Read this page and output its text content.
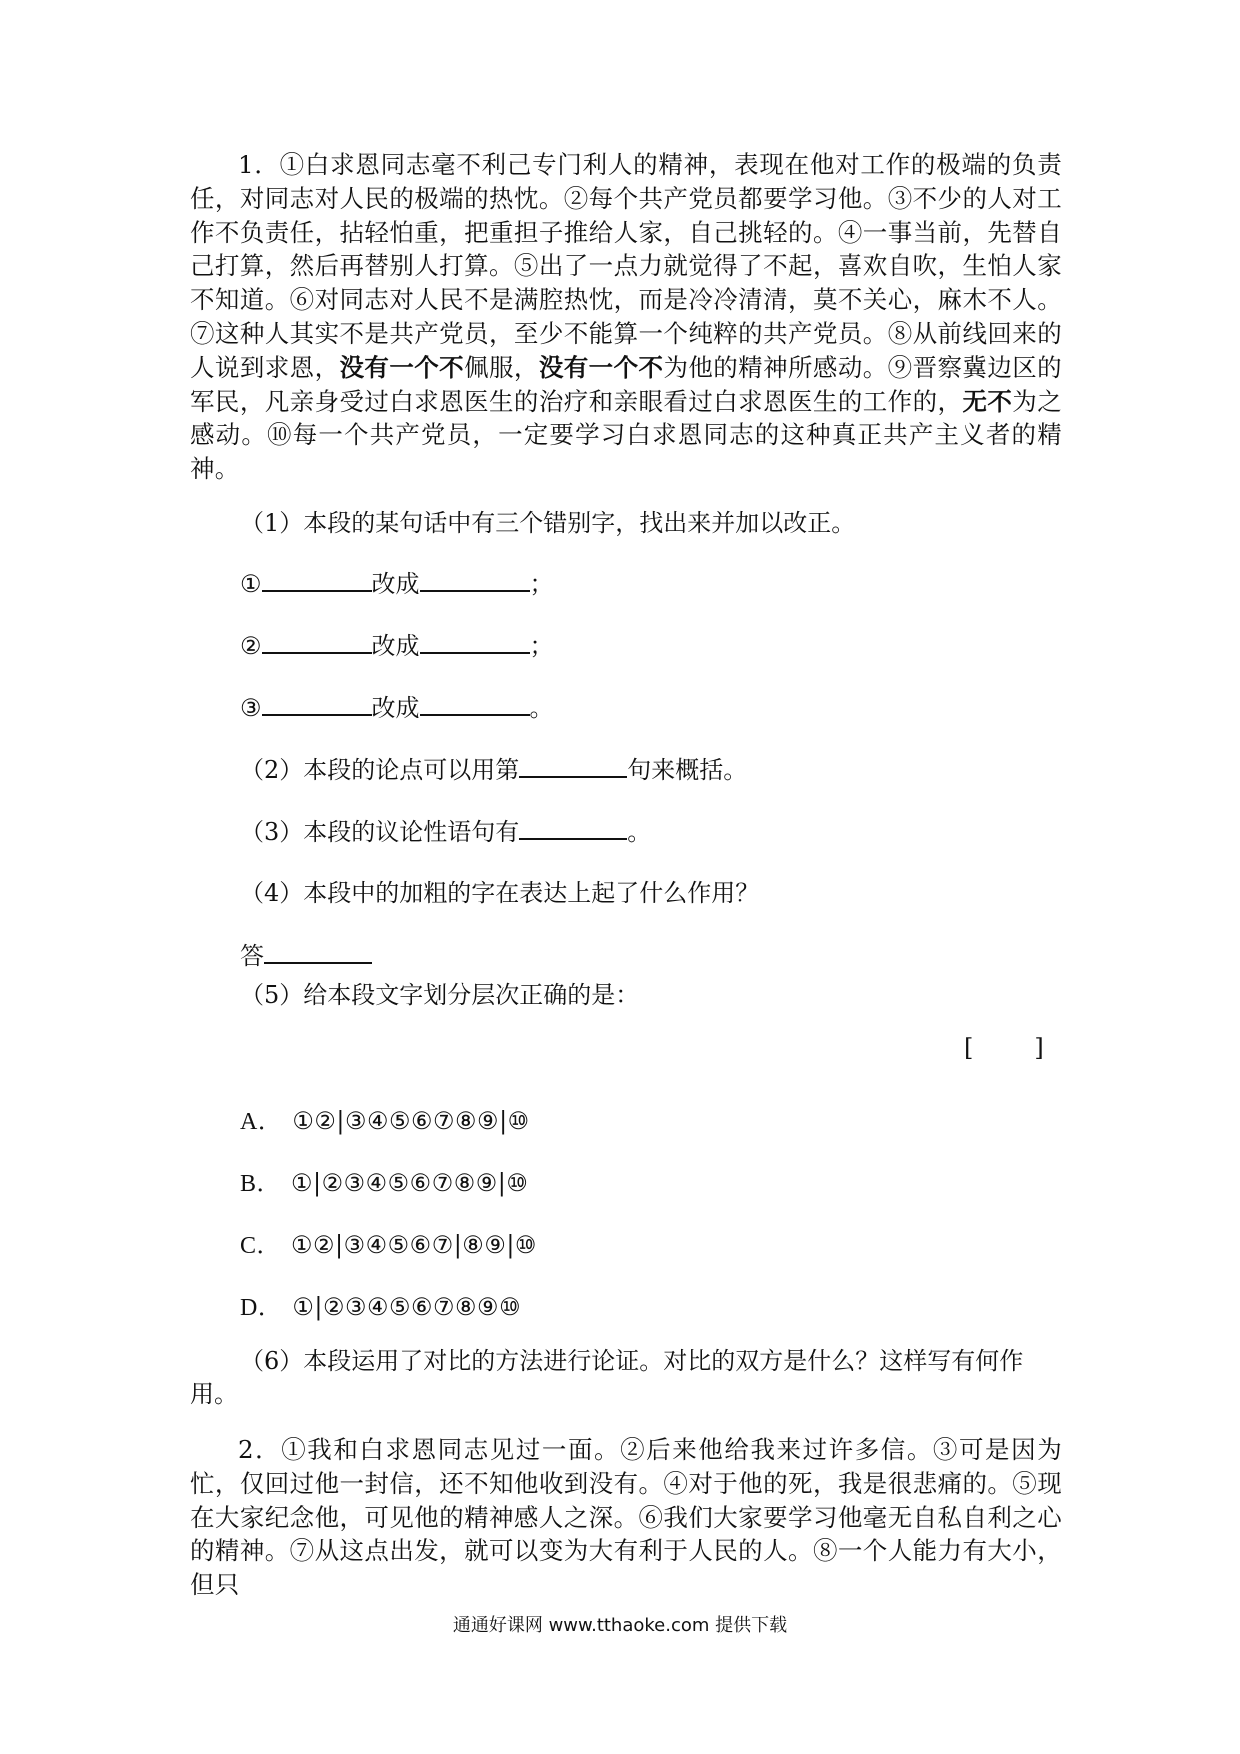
1．①白求恩同志毫不利己专门利人的精神，表现在他对工作的极端的负责任，对同志对人民的极端的热忱。②每个共产党员都要学习他。③不少的人对工作不负责任，拈轻怕重，把重担子推给人家，自己挑轻的。④一事当前，先替自己打算，然后再替别人打算。⑤出了一点力就觉得了不起，喜欢自吹，生怕人家不知道。⑥对同志对人民不是满腔热忱，而是冷冷清清，莫不关心，麻木不人。⑦这种人其实不是共产党员，至少不能算一个纯粹的共产党员。⑧从前线回来的人说到求恩，没有一个不佩服，没有一个不为他的精神所感动。⑨晋察冀边区的军民，凡亲身受过白求恩医生的治疗和亲眼看过白求恩医生的工作的，无不为之感动。⑩每一个共产党员，一定要学习白求恩同志的这种真正共产主义者的精神。
（1）本段的某句话中有三个错别字，找出来并加以改正。
①	改成	；
②	改成	；
③	改成	。
（2）本段的论点可以用第	句来概括。
（3）本段的议论性语句有	。
（4）本段中的加粗的字在表达上起了什么作用？
答
（5）给本段文字划分层次正确的是：
[        ]
A． ①②|③④⑤⑥⑦⑧⑨|⑩
B． ①|②③④⑤⑥⑦⑧⑨|⑩
C． ①②|③④⑤⑥⑦|⑧⑨|⑩
D． ①|②③④⑤⑥⑦⑧⑨⑩
（6）本段运用了对比的方法进行论证。对比的双方是什么？这样写有何作用。
2．①我和白求恩同志见过一面。②后来他给我来过许多信。③可是因为忙，仅回过他一封信，还不知他收到没有。④对于他的死，我是很悲痛的。⑤现在大家纪念他，可见他的精神感人之深。⑥我们大家要学习他毫无自私自利之心的精神。⑦从这点出发，就可以变为大有利于人民的人。⑧一个人能力有大小，但只
通通好课网 www.tthaoke.com 提供下载
